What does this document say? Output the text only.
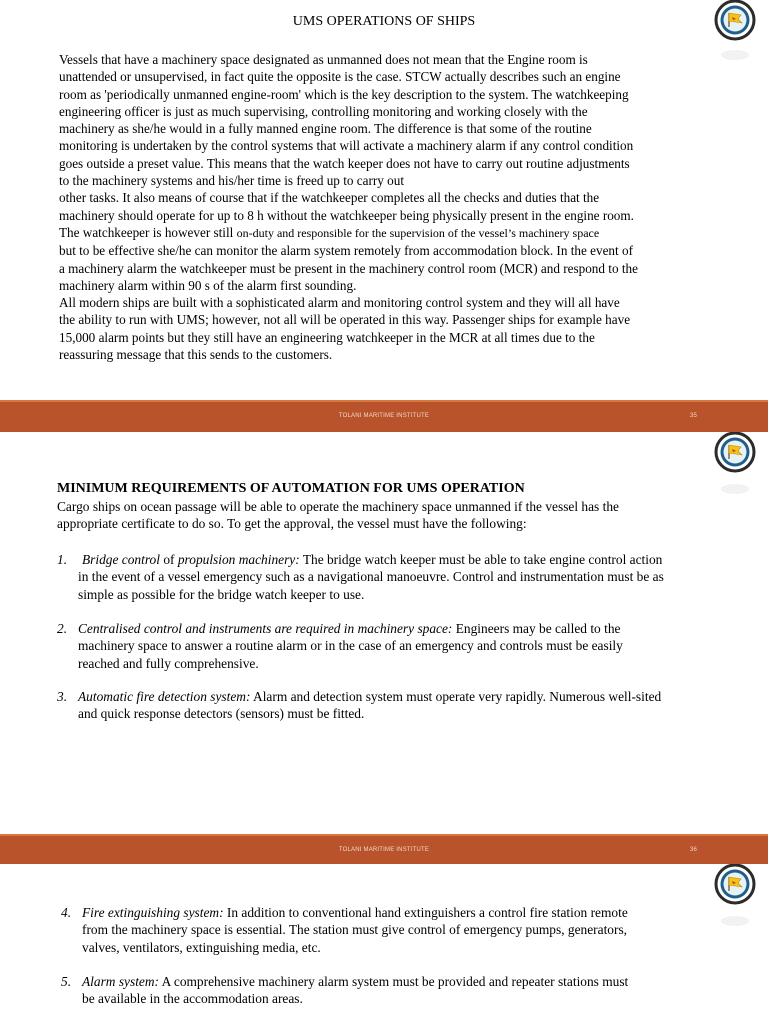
UMS OPERATIONS OF SHIPS

Vessels that have a machinery space designated as unmanned does not mean that the Engine room is
unattended or unsupervised, in fact quite the opposite is the case. STCW actually describes such an engine
room as 'periodically unmanned engine-room' which is the key description to the system. The watchkeeping
engineering officer is just as much supervising, controlling monitoring and working closely with the
machinery as she/he would in a fully manned engine room. The difference is that some of the routine
monitoring is undertaken by the control systems that will activate a machinery alarm if any control condition
goes outside a preset value. This means that the watch keeper does not have to carry out routine adjustments
to the machinery systems and his/her time is freed up to carry out
other tasks. It also means of course that if the watchkeeper completes all the checks and duties that the
machinery should operate for up to 8 h without the watchkeeper being physically present in the engine room.
The watchkeeper is however still on-duty and responsible for the supervision of the vessel’s machinery space
but to be effective she/he can monitor the alarm system remotely from accommodation block. In the event of
a machinery alarm the watchkeeper must be present in the machinery control room (MCR) and respond to the
machinery alarm within 90 s of the alarm first sounding.
All modern ships are built with a sophisticated alarm and monitoring control system and they will all have
the ability to run with UMS; however, not all will be operated in this way. Passenger ships for example have
15,000 alarm points but they still have an engineering watchkeeper in the MCR at all times due to the
reassuring message that this sends to the customers.

TOLANI MARITIME INSTITUTE	35
MINIMUM REQUIREMENTS OF AUTOMATION FOR UMS OPERATION

Cargo ships on ocean passage will be able to operate the machinery space unmanned if the vessel has the
appropriate certificate to do so. To get the approval, the vessel must have the following:

1. Bridge control of propulsion machinery: The bridge watch keeper must be able to take engine control action
in the event of a vessel emergency such as a navigational manoeuvre. Control and instrumentation must be as
simple as possible for the bridge watch keeper to use.
2. Centralised control and instruments are required in machinery space: Engineers may be called to the
machinery space to answer a routine alarm or in the case of an emergency and controls must be easily
reached and fully comprehensive.
3. Automatic fire detection system: Alarm and detection system must operate very rapidly. Numerous well-sited
and quick response detectors (sensors) must be fitted.
TOLANI MARITIME INSTITUTE	36
4. Fire extinguishing system: In addition to conventional hand extinguishers a control fire station remote
from the machinery space is essential. The station must give control of emergency pumps, generators,
valves, ventilators, extinguishing media, etc.
5. Alarm system: A comprehensive machinery alarm system must be provided and repeater stations must
be available in the accommodation areas.
